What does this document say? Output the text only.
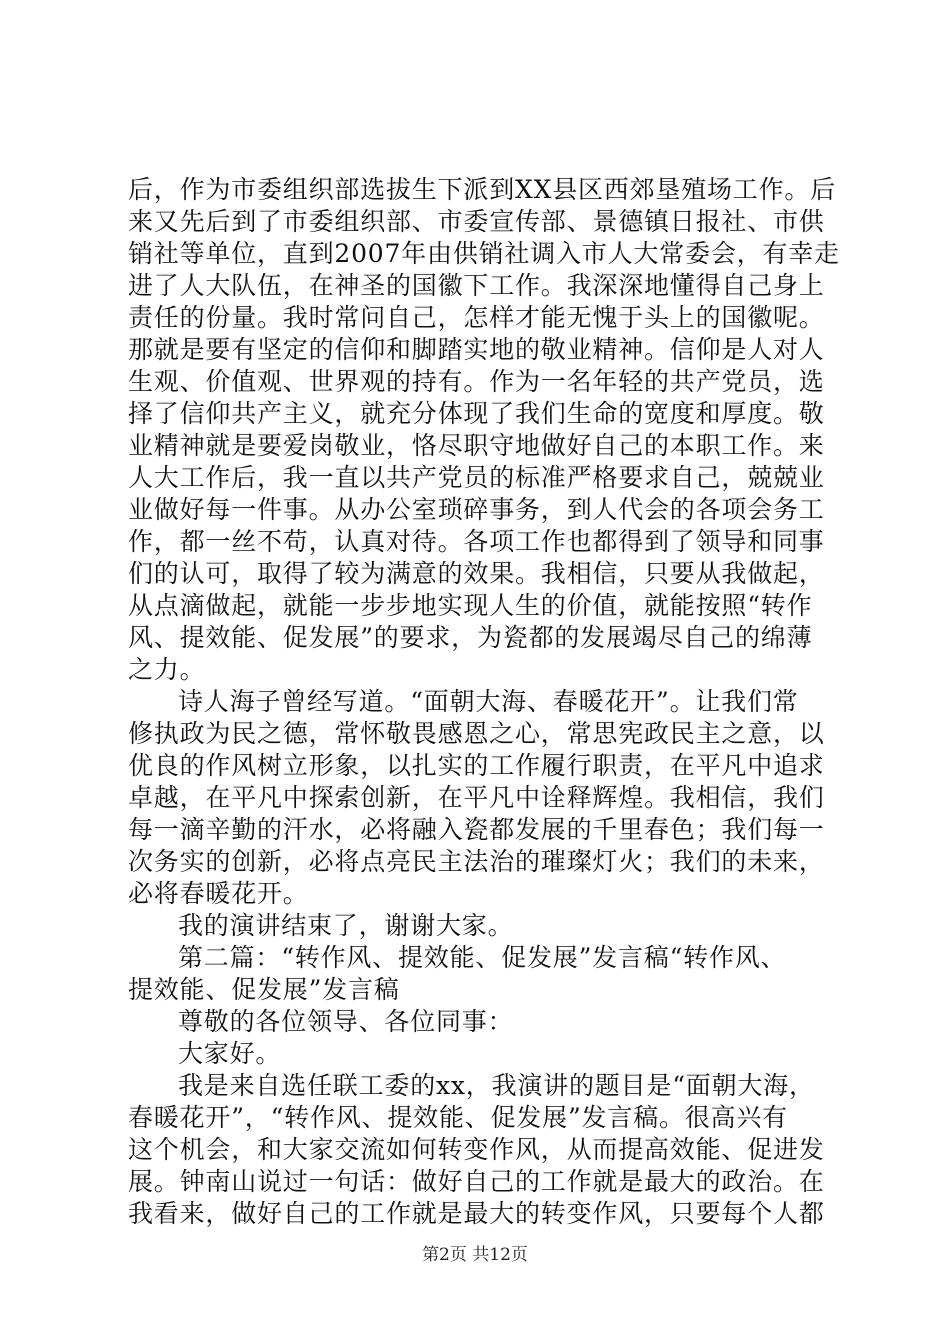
后，作为市委组织部选拔生下派到XX县区西郊垦殖场工作。后
来又先后到了市委组织部、市委宣传部、景德镇日报社、市供
销社等单位，直到2007年由供销社调入市人大常委会，有幸走
进了人大队伍，在神圣的国徽下工作。我深深地懂得自己身上
责任的份量。我时常问自己，怎样才能无愧于头上的国徽呢。
那就是要有坚定的信仰和脚踏实地的敬业精神。信仰是人对人
生观、价值观、世界观的持有。作为一名年轻的共产党员，选
择了信仰共产主义，就充分体现了我们生命的宽度和厚度。敬
业精神就是要爱岗敬业，恪尽职守地做好自己的本职工作。来
人大工作后，我一直以共产党员的标准严格要求自己，兢兢业
业做好每一件事。从办公室琐碎事务，到人代会的各项会务工
作，都一丝不苟，认真对待。各项工作也都得到了领导和同事
们的认可，取得了较为满意的效果。我相信，只要从我做起，
从点滴做起，就能一步步地实现人生的价值，就能按照“转作
风、提效能、促发展”的要求，为瓷都的发展竭尽自己的绵薄
之力。
诗人海子曾经写道。“面朝大海、春暖花开”。让我们常
修执政为民之德，常怀敬畏感恩之心，常思宪政民主之意，以
优良的作风树立形象，以扎实的工作履行职责，在平凡中追求
卓越，在平凡中探索创新，在平凡中诠释辉煌。我相信，我们
每一滴辛勤的汗水，必将融入瓷都发展的千里春色；我们每一
次务实的创新，必将点亮民主法治的璀璨灯火；我们的未来，
必将春暖花开。
我的演讲结束了，谢谢大家。
第二篇：“转作风、提效能、促发展”发言稿“转作风、
提效能、促发展”发言稿
尊敬的各位领导、各位同事：
大家好。
我是来自选任联工委的xx，我演讲的题目是“面朝大海，
春暖花开”，“转作风、提效能、促发展”发言稿。很高兴有
这个机会，和大家交流如何转变作风，从而提高效能、促进发
展。钟南山说过一句话：做好自己的工作就是最大的政治。在
我看来，做好自己的工作就是最大的转变作风，只要每个人都
第2页 共12页
